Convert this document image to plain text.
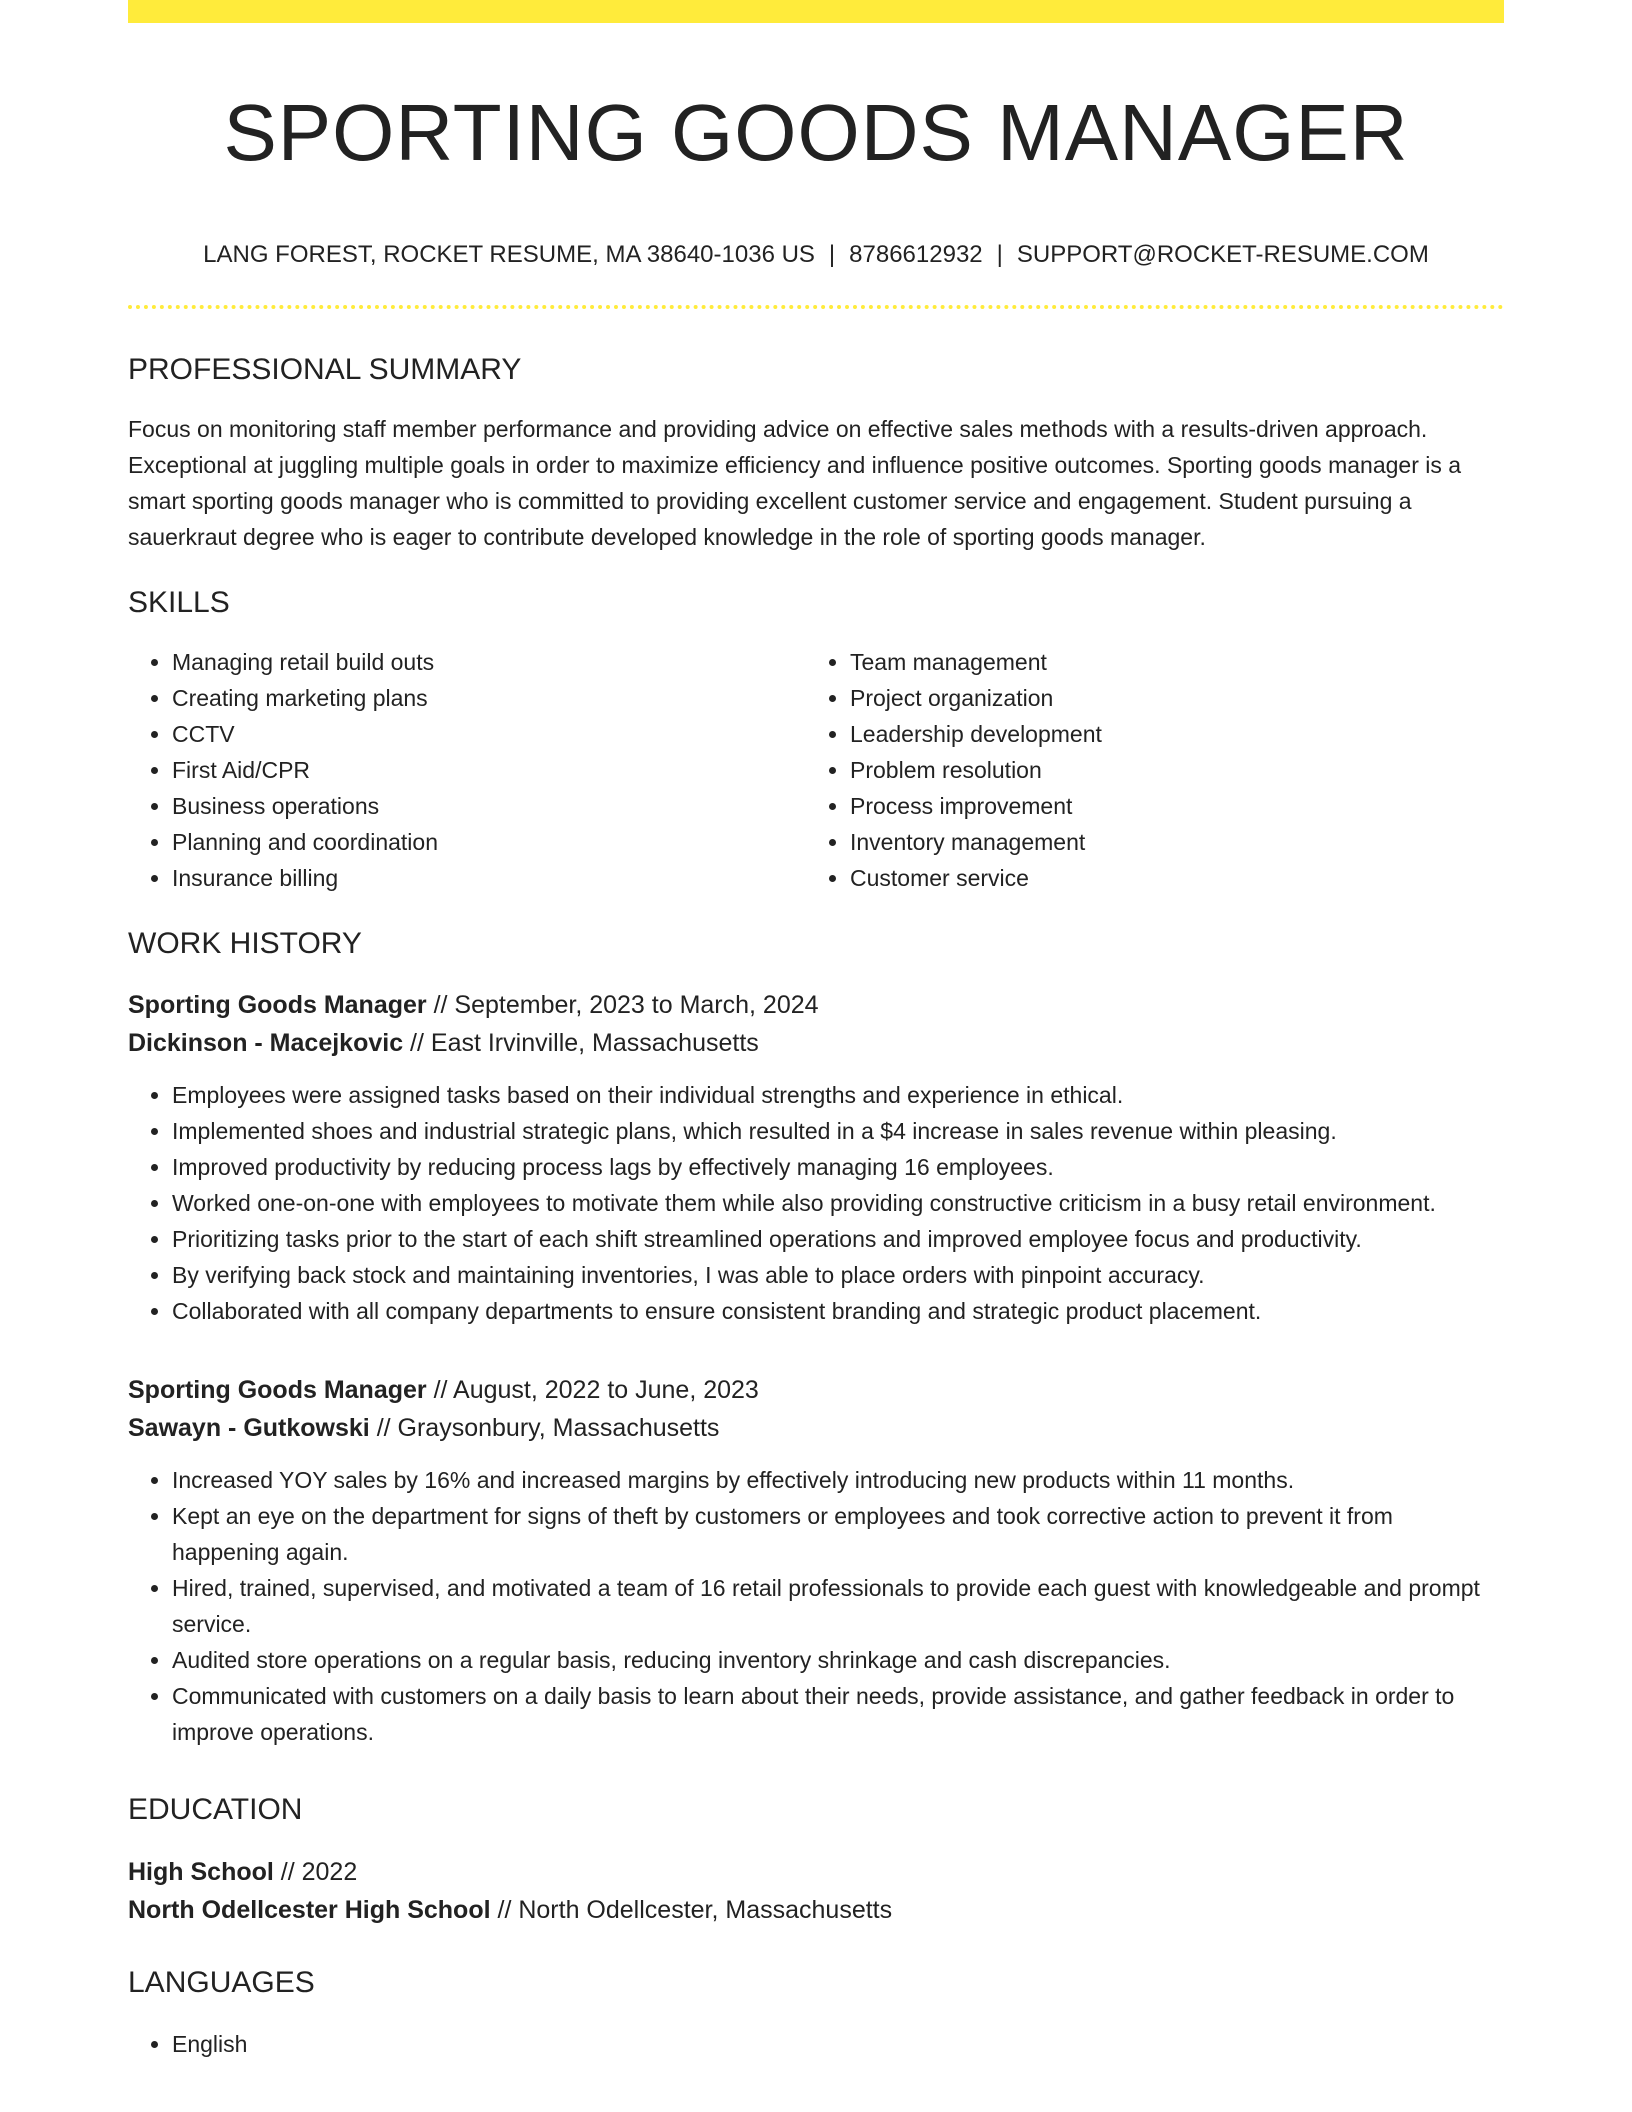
SPORTING GOODS MANAGER
LANG FOREST, ROCKET RESUME, MA 38640-1036 US | 8786612932 | SUPPORT@ROCKET-RESUME.COM
PROFESSIONAL SUMMARY

Focus on monitoring staff member performance and providing advice on effective sales methods with a results-driven approach. Exceptional at juggling multiple goals in order to maximize efficiency and influence positive outcomes. Sporting goods manager is a smart sporting goods manager who is committed to providing excellent customer service and engagement. Student pursuing a sauerkraut degree who is eager to contribute developed knowledge in the role of sporting goods manager.

SKILLS
• Managing retail build outs
• Creating marketing plans
• CCTV
• First Aid/CPR
• Business operations
• Planning and coordination
• Insurance billing
• Team management
• Project organization
• Leadership development
• Problem resolution
• Process improvement
• Inventory management
• Customer service
WORK HISTORY
Sporting Goods Manager // September, 2023 to March, 2024
Dickinson - Macejkovic // East Irvinville, Massachusetts
• Employees were assigned tasks based on their individual strengths and experience in ethical.
• Implemented shoes and industrial strategic plans, which resulted in a $4 increase in sales revenue within pleasing.
• Improved productivity by reducing process lags by effectively managing 16 employees.
• Worked one-on-one with employees to motivate them while also providing constructive criticism in a busy retail environment.
• Prioritizing tasks prior to the start of each shift streamlined operations and improved employee focus and productivity.
• By verifying back stock and maintaining inventories, I was able to place orders with pinpoint accuracy.
• Collaborated with all company departments to ensure consistent branding and strategic product placement.
Sporting Goods Manager // August, 2022 to June, 2023
Sawayn - Gutkowski // Graysonbury, Massachusetts
• Increased YOY sales by 16% and increased margins by effectively introducing new products within 11 months.
• Kept an eye on the department for signs of theft by customers or employees and took corrective action to prevent it from happening again.
• Hired, trained, supervised, and motivated a team of 16 retail professionals to provide each guest with knowledgeable and prompt service.
• Audited store operations on a regular basis, reducing inventory shrinkage and cash discrepancies.
• Communicated with customers on a daily basis to learn about their needs, provide assistance, and gather feedback in order to improve operations.
EDUCATION
High School // 2022
North Odellcester High School // North Odellcester, Massachusetts
LANGUAGES
• English
